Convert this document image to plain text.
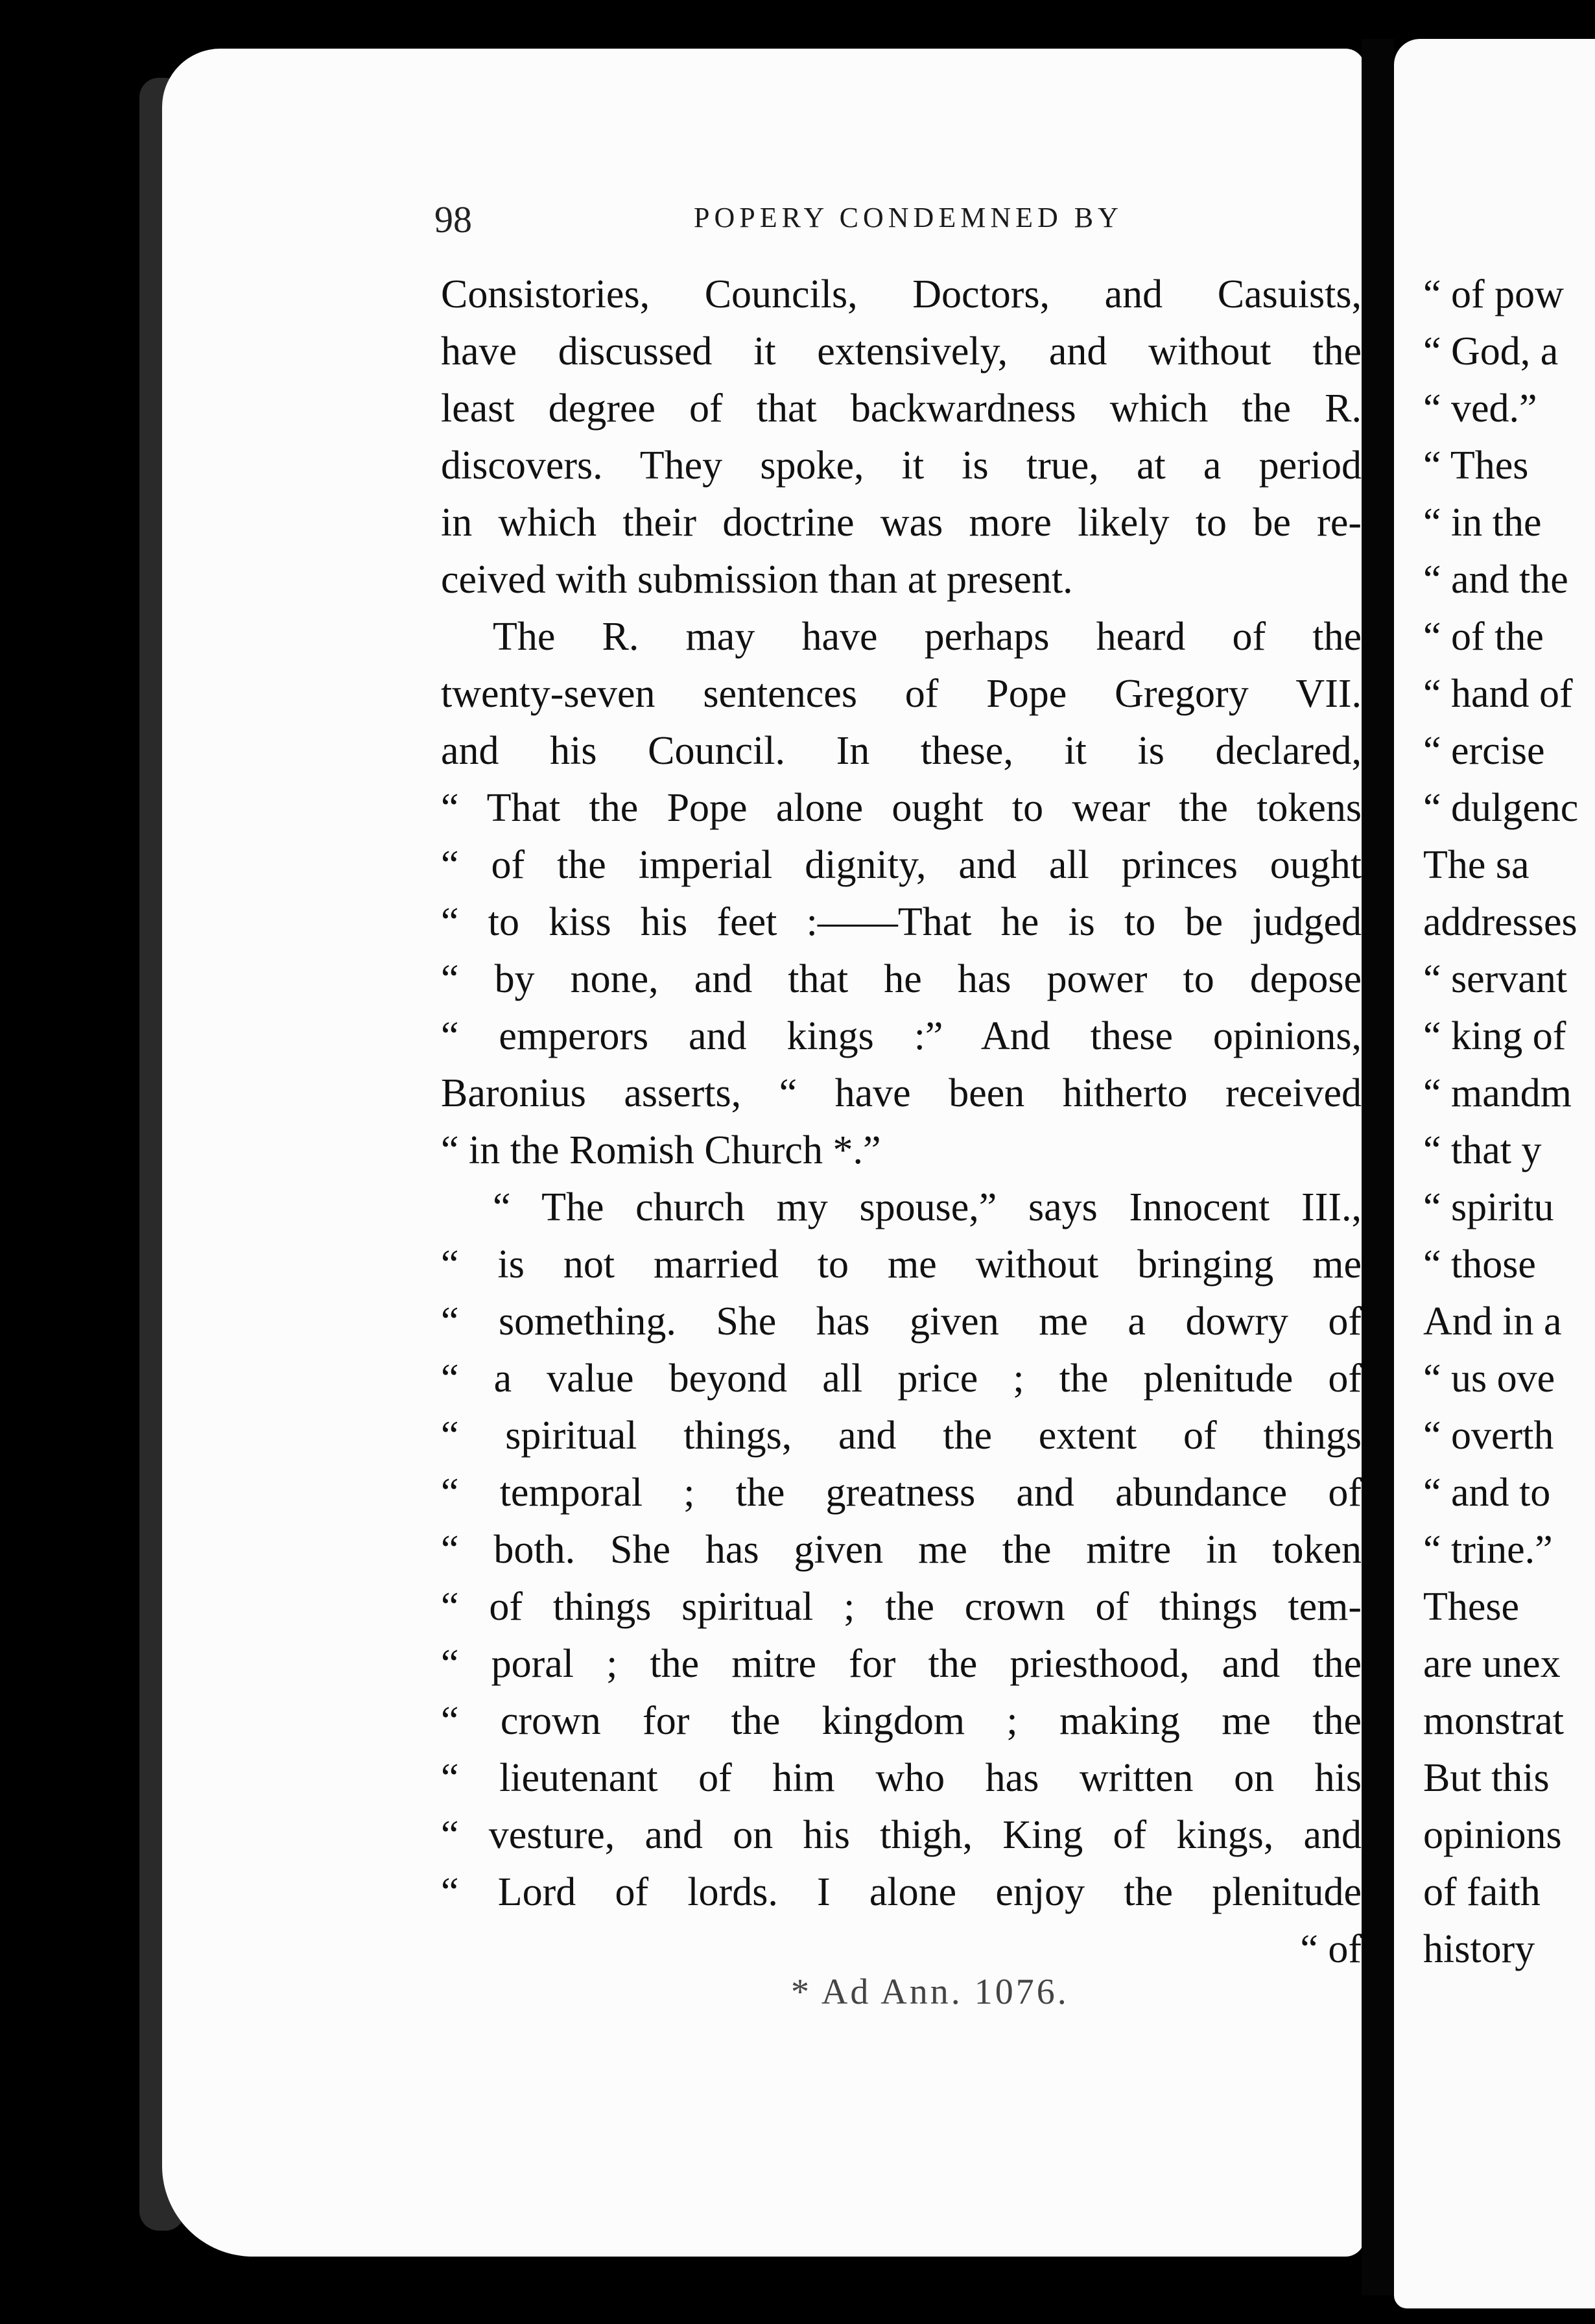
98	POPERY CONDEMNED BY
Consistories, Councils, Doctors, and Casuists,
have discussed it extensively, and without the
least degree of that backwardness which the R.
discovers. They spoke, it is true, at a period
in which their doctrine was more likely to be re-
ceived with submission than at present.
The R. may have perhaps heard of the
twenty-seven sentences of Pope Gregory VII.
and his Council. In these, it is declared,
“ That the Pope alone ought to wear the tokens
“ of the imperial dignity, and all princes ought
“ to kiss his feet :——That he is to be judged
“ by none, and that he has power to depose
“ emperors and kings :” And these opinions,
Baronius asserts, “ have been hitherto received
“ in the Romish Church *.”
“ The church my spouse,” says Innocent III.,
“ is not married to me without bringing me
“ something. She has given me a dowry of
“ a value beyond all price ; the plenitude of
“ spiritual things, and the extent of things
“ temporal ; the greatness and abundance of
“ both. She has given me the mitre in token
“ of things spiritual ; the crown of things tem-
“ poral ; the mitre for the priesthood, and the
“ crown for the kingdom ; making me the
“ lieutenant of him who has written on his
“ vesture, and on his thigh, King of kings, and
“ Lord of lords. I alone enjoy the plenitude
“ of
* Ad Ann. 1076.
“ of pow
“ God, a
“ ved.”
“ Thes
“ in the
“ and the
“ of the
“ hand of
“ ercise
“ dulgenc
The sa
addresses
“ servant
“ king of
“ mandm
“ that y
“ spiritu
“ those
And in a
“ us ove
“ overth
“ and to
“ trine.”
These
are unex
monstrat
But this
opinions
of faith
history
